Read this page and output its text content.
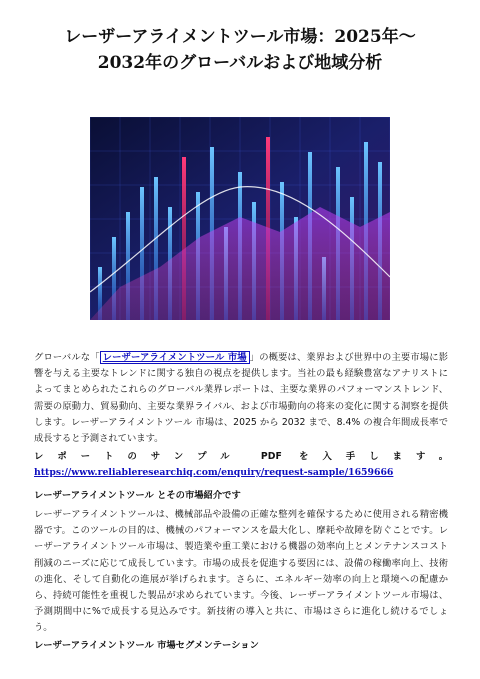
レーザーアライメントツール市場：2025年〜
2032年のグローバルおよび地域分析

グローバルな「 レーザーアライメントツール 市場 」の概要は、業界および世界中の主要市場に影響を与える主要なトレンドに関する独自の視点を提供します。当社の最も経験豊富なアナリストによってまとめられたこれらのグローバル業界レポートは、主要な業界のパフォーマンストレンド、需要の原動力、貿易動向、主要な業界ライバル、および市場動向の将来の変化に関する洞察を提供します。レーザーアライメントツール 市場は、2025 から 2032 まで、8.4% の複合年間成長率で成長すると予測されています。

レポートのサンプル PDF を入手します。 https://www.reliableresearchiq.com/enquiry/request-sample/1659666

レーザーアライメントツール とその市場紹介です

レーザーアライメントツールは、機械部品や設備の正確な整列を確保するために使用される精密機器です。このツールの目的は、機械のパフォーマンスを最大化し、摩耗や故障を防ぐことです。レーザーアライメントツール市場は、製造業や重工業における機器の効率向上とメンテナンスコスト削減のニーズに応じて成長しています。市場の成長を促進する要因には、設備の稼働率向上、技術の進化、そして自動化の進展が挙げられます。さらに、エネルギー効率の向上と環境への配慮から、持続可能性を重視した製品が求められています。今後、レーザーアライメントツール市場は、予測期間中に%で成長する見込みです。新技術の導入と共に、市場はさらに進化し続けるでしょう。

レーザーアライメントツール 市場セグメンテーション
